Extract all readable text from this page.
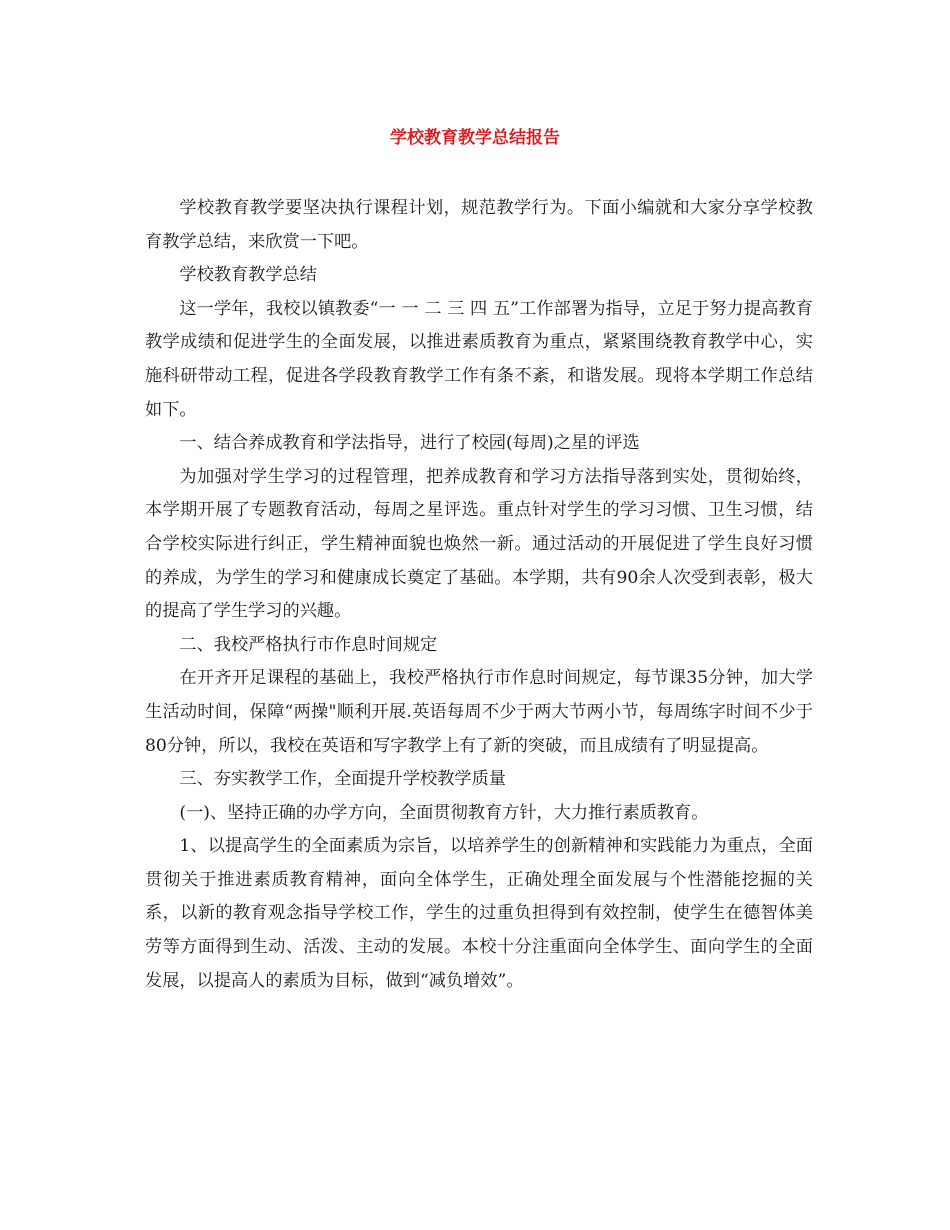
学校教育教学总结报告

学校教育教学要坚决执行课程计划，规范教学行为。下面小编就和大家分享学校教育教学总结，来欣赏一下吧。

学校教育教学总结

这一学年，我校以镇教委“一 一 二 三 四 五”工作部署为指导，立足于努力提高教育教学成绩和促进学生的全面发展，以推进素质教育为重点，紧紧围绕教育教学中心，实施科研带动工程，促进各学段教育教学工作有条不紊，和谐发展。现将本学期工作总结如下。

一、结合养成教育和学法指导，进行了校园(每周)之星的评选

为加强对学生学习的过程管理，把养成教育和学习方法指导落到实处，贯彻始终，本学期开展了专题教育活动，每周之星评选。重点针对学生的学习习惯、卫生习惯，结合学校实际进行纠正，学生精神面貌也焕然一新。通过活动的开展促进了学生良好习惯的养成，为学生的学习和健康成长奠定了基础。本学期，共有90余人次受到表彰，极大的提高了学生学习的兴趣。

二、我校严格执行市作息时间规定

在开齐开足课程的基础上，我校严格执行市作息时间规定，每节课35分钟，加大学生活动时间，保障“两操"顺利开展.英语每周不少于两大节两小节，每周练字时间不少于80分钟，所以，我校在英语和写字教学上有了新的突破，而且成绩有了明显提高。

三、夯实教学工作，全面提升学校教学质量

(一)、坚持正确的办学方向，全面贯彻教育方针，大力推行素质教育。

1、以提高学生的全面素质为宗旨，以培养学生的创新精神和实践能力为重点，全面贯彻关于推进素质教育精神，面向全体学生，正确处理全面发展与个性潜能挖掘的关系，以新的教育观念指导学校工作，学生的过重负担得到有效控制，使学生在德智体美劳等方面得到生动、活泼、主动的发展。本校十分注重面向全体学生、面向学生的全面发展，以提高人的素质为目标，做到“减负增效”。
